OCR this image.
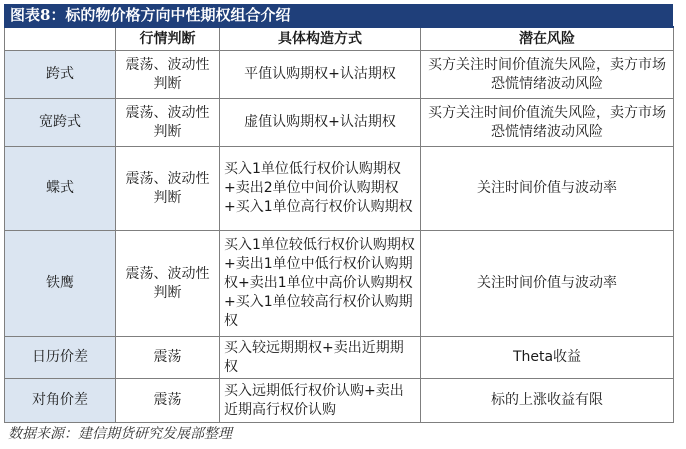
图表8：标的物价格方向中性期权组合介绍
	行情判断	具体构造方式	潜在风险
跨式	震荡、波动性判断	平值认购期权+认沽期权	买方关注时间价值流失风险，卖方市场恐慌情绪波动风险
宽跨式	震荡、波动性判断	虚值认购期权+认沽期权	买方关注时间价值流失风险，卖方市场恐慌情绪波动风险
蝶式	震荡、波动性判断	买入1单位低行权价认购期权+卖出2单位中间价认购期权+买入1单位高行权价认购期权	关注时间价值与波动率
铁鹰	震荡、波动性判断	买入1单位较低行权价认购期权+卖出1单位中低行权价认购期权+卖出1单位中高价认购期权+买入1单位较高行权价认购期权	关注时间价值与波动率
日历价差	震荡	买入较远期期权+卖出近期期权	Theta收益
对角价差	震荡	买入远期低行权价认购+卖出近期高行权价认购	标的上涨收益有限
数据来源：建信期货研究发展部整理
